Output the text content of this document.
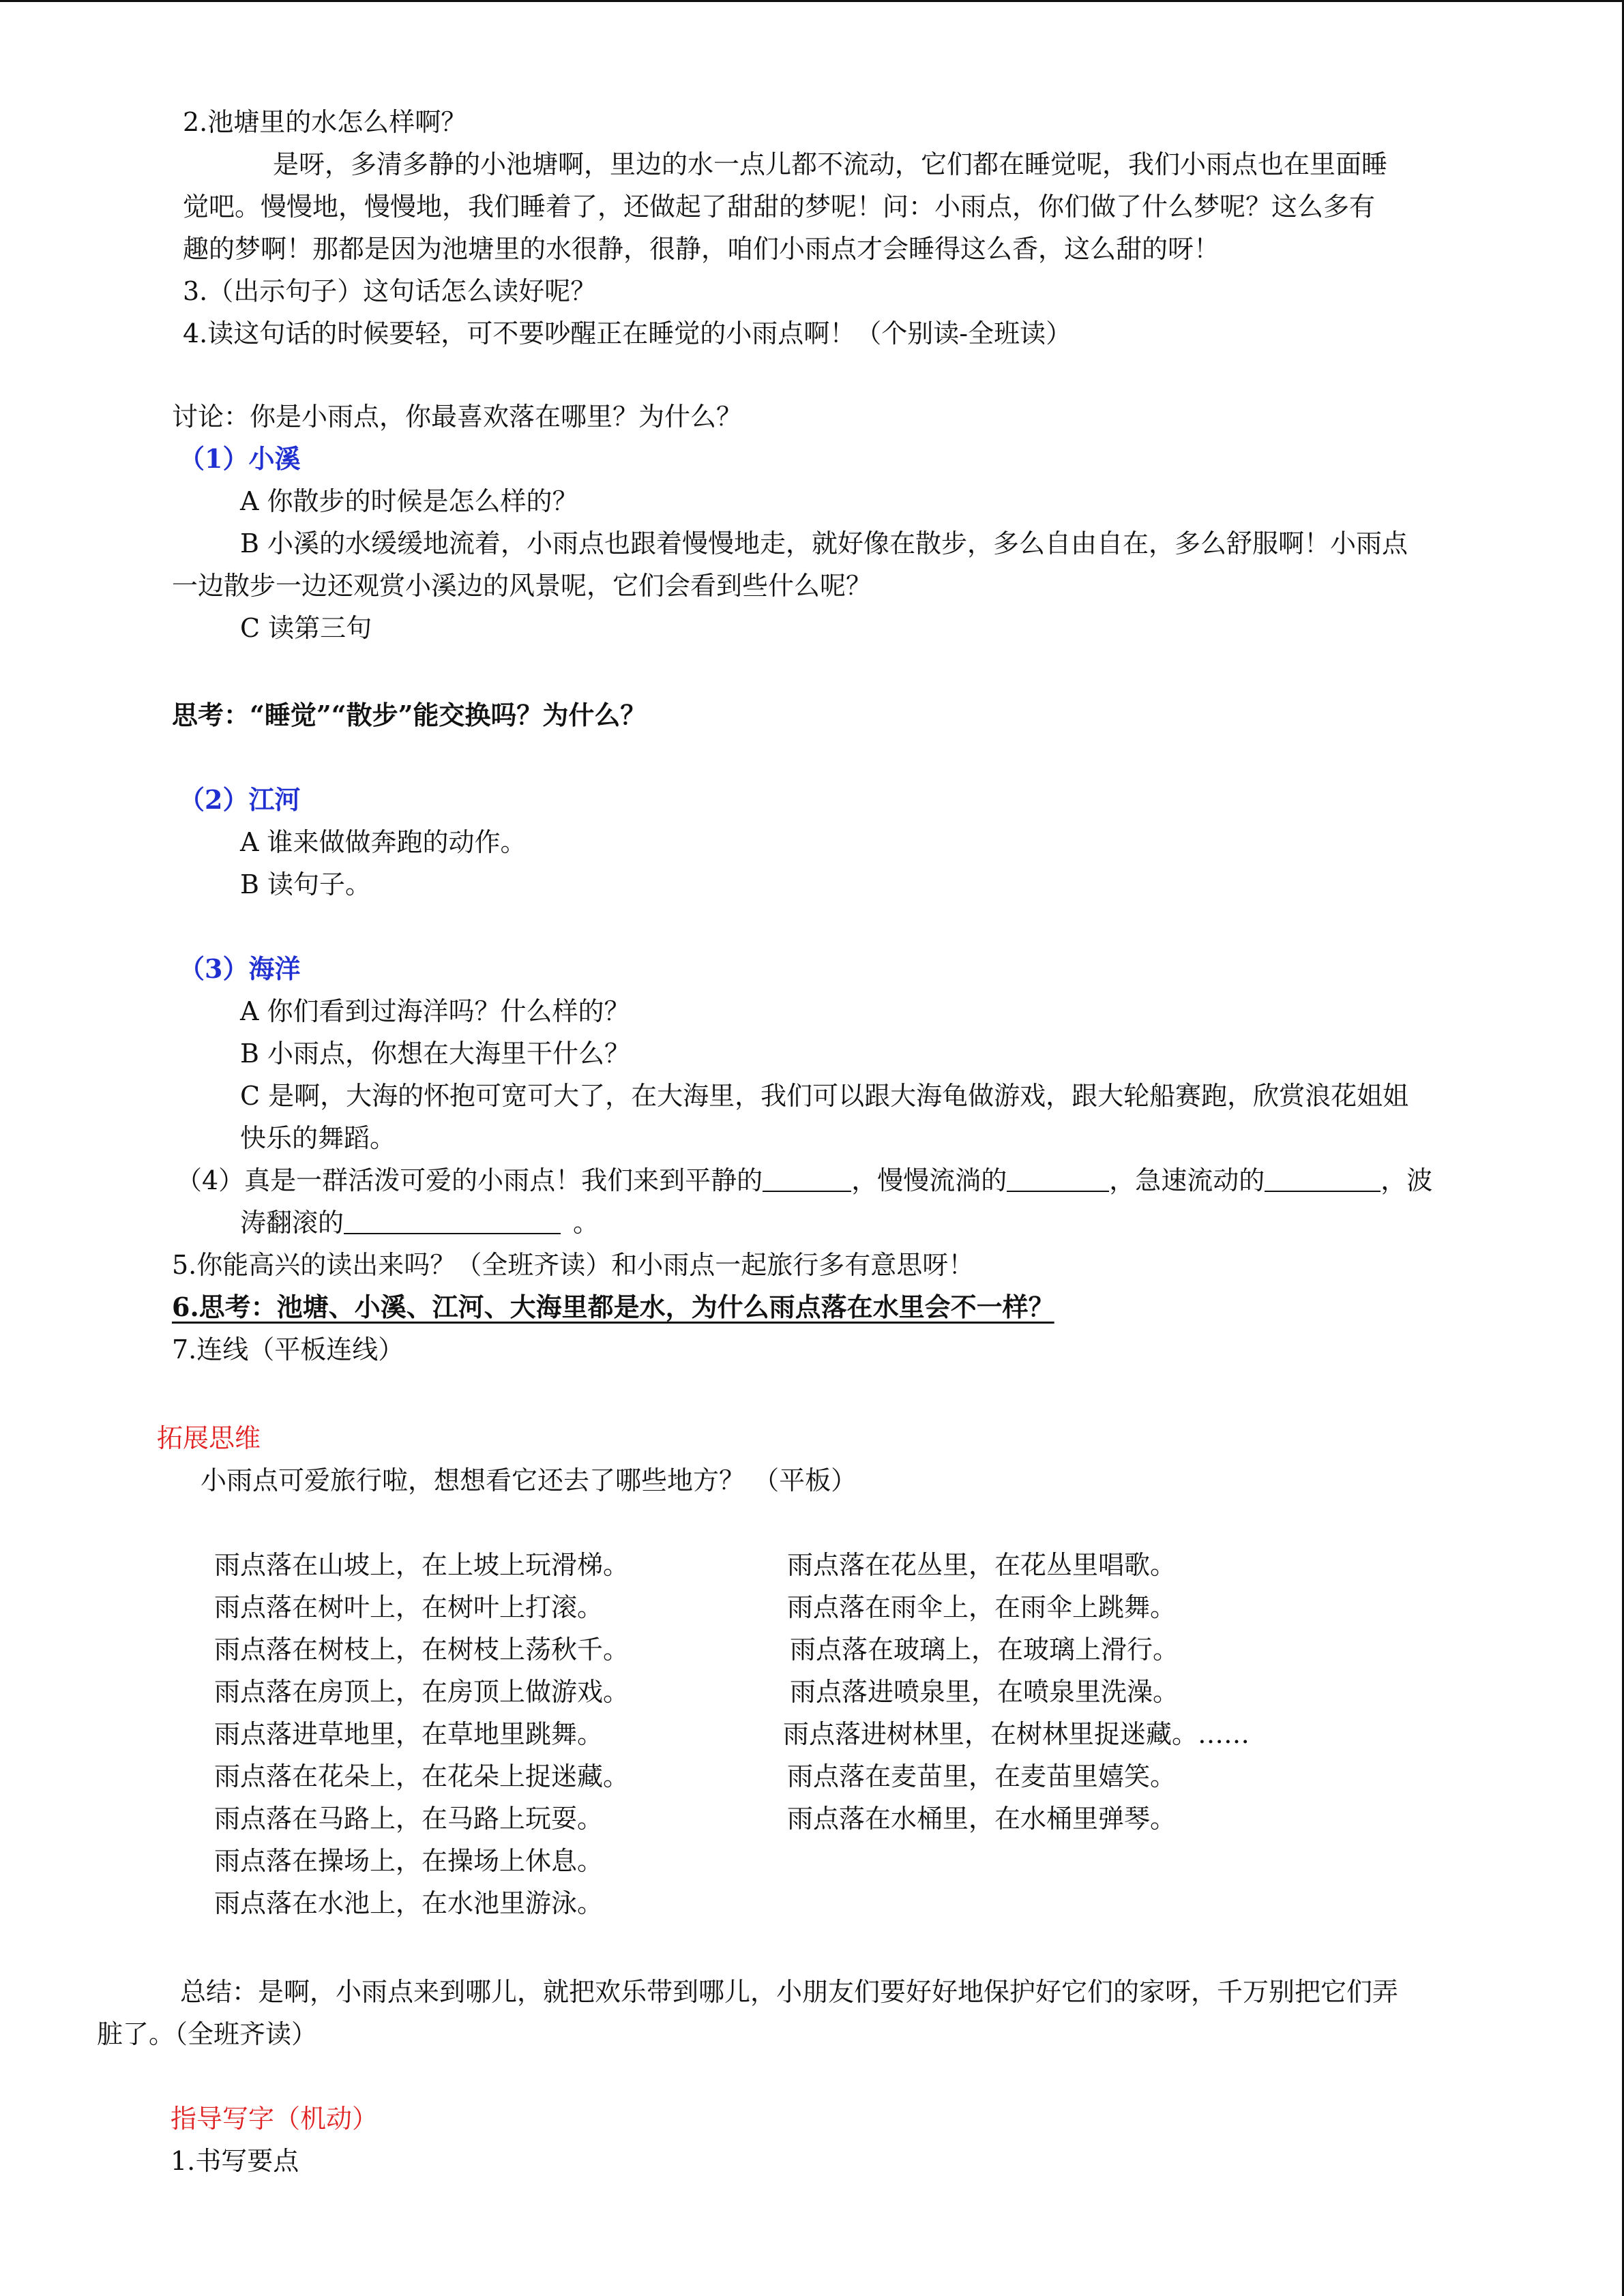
2.池塘里的水怎么样啊？
是呀，多清多静的小池塘啊，里边的水一点儿都不流动，它们都在睡觉呢，我们小雨点也在里面睡
觉吧。慢慢地，慢慢地，我们睡着了，还做起了甜甜的梦呢！问：小雨点，你们做了什么梦呢？这么多有
趣的梦啊！那都是因为池塘里的水很静，很静，咱们小雨点才会睡得这么香，这么甜的呀！
3.（出示句子）这句话怎么读好呢？
4.读这句话的时候要轻，可不要吵醒正在睡觉的小雨点啊！（个别读-全班读）
讨论：你是小雨点，你最喜欢落在哪里？为什么？
（1）小溪
A 你散步的时候是怎么样的？
B 小溪的水缓缓地流着，小雨点也跟着慢慢地走，就好像在散步，多么自由自在，多么舒服啊！小雨点
一边散步一边还观赏小溪边的风景呢，它们会看到些什么呢？
C 读第三句
思考：“睡觉”“散步”能交换吗？为什么？
（2）江河
A 谁来做做奔跑的动作。
B 读句子。
（3）海洋
A 你们看到过海洋吗？什么样的？
B 小雨点，你想在大海里干什么？
C 是啊，大海的怀抱可宽可大了，在大海里，我们可以跟大海龟做游戏，跟大轮船赛跑，欣赏浪花姐姐
快乐的舞蹈。
（4）真是一群活泼可爱的小雨点！我们来到平静的	，慢慢流淌的	，急速流动的	，波
涛翻滚的	。
5.你能高兴的读出来吗？（全班齐读）和小雨点一起旅行多有意思呀！
6.思考：池塘、小溪、江河、大海里都是水，为什么雨点落在水里会不一样？
7.连线（平板连线）
拓展思维
小雨点可爱旅行啦，想想看它还去了哪些地方？ （平板）
雨点落在山坡上，在上坡上玩滑梯。
雨点落在树叶上，在树叶上打滚。
雨点落在树枝上，在树枝上荡秋千。
雨点落在房顶上，在房顶上做游戏。
雨点落进草地里，在草地里跳舞。
雨点落在花朵上，在花朵上捉迷藏。
雨点落在马路上，在马路上玩耍。
雨点落在操场上，在操场上休息。
雨点落在水池上，在水池里游泳。
雨点落在花丛里，在花丛里唱歌。
雨点落在雨伞上，在雨伞上跳舞。
雨点落在玻璃上，在玻璃上滑行。
雨点落进喷泉里，在喷泉里洗澡。
雨点落进树林里，在树林里捉迷藏。……
雨点落在麦苗里，在麦苗里嬉笑。
雨点落在水桶里，在水桶里弹琴。
总结：是啊，小雨点来到哪儿，就把欢乐带到哪儿，小朋友们要好好地保护好它们的家呀，千万别把它们弄
脏了。（全班齐读）
指导写字（机动）
1.书写要点
